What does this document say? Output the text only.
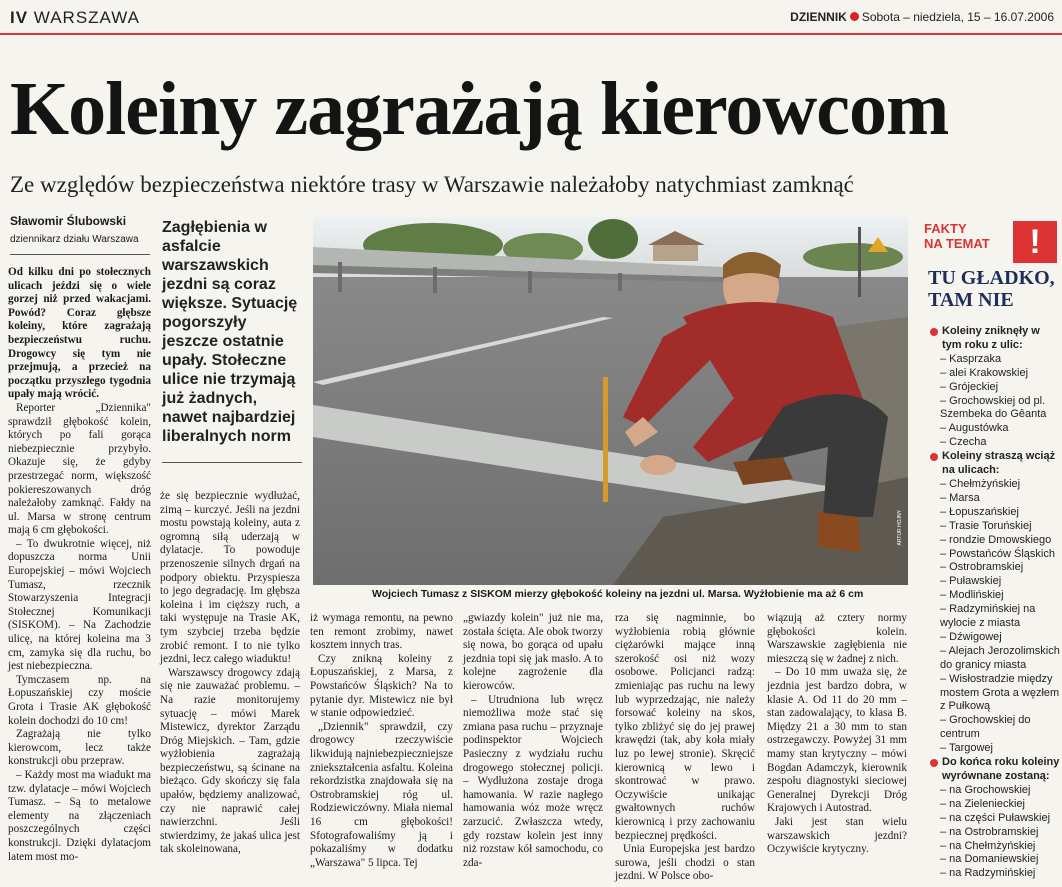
IV WARSZAWA	DZIENNIK Sobota – niedziela, 15 – 16.07.2006
Koleiny zagrażają kierowcom
Ze względów bezpieczeństwa niektóre trasy w Warszawie należałoby natychmiast zamknąć
Sławomir Ślubowski
dziennikarz działu Warszawa

Od kilku dni po stołecznych ulicach jeździ się o wiele gorzej niż przed wakacjami. Powód? Coraz głębsze koleiny, które zagrażają bezpieczeństwu ruchu. Drogowcy się tym nie przejmują, a przecież na początku przyszłego tygodnia upały mają wrócić.

Reporter „Dziennika" sprawdził głębokość kolein, których po fali gorąca niebezpiecznie przybyło. Okazuje się, że gdyby przestrzegać norm, większość pokiereszowanych dróg należałoby zamknąć. Fałdy na ul. Marsa w stronę centrum mają 6 cm głębokości.

– To dwukrotnie więcej, niż dopuszcza norma Unii Europejskiej – mówi Wojciech Tumasz, rzecznik Stowarzyszenia Integracji Stołecznej Komunikacji (SISKOM). – Na Zachodzie ulicę, na której koleina ma 3 cm, zamyka się dla ruchu, bo jest niebezpieczna.

Tymczasem np. na Łopuszańskiej czy moście Grota i Trasie AK głębokość kolein dochodzi do 10 cm!

Zagrażają nie tylko kierowcom, lecz także konstrukcji obu przepraw.

– Każdy most ma wiadukt ma tzw. dylatacje – mówi Wojciech Tumasz. – Są to metalowe elementy na złączeniach poszczególnych części konstrukcji. Dzięki dylatacjom latem most mo-

Zagłębienia w asfalcie warszawskich jezdni są coraz większe. Sytuację pogorszyły jeszcze ostatnie upały. Stołeczne ulice nie trzymają już żadnych, nawet najbardziej liberalnych norm

że się bezpiecznie wydłużać, zimą – kurczyć. Jeśli na jezdni mostu powstają koleiny, auta z ogromną siłą uderzają w dylatacje. To powoduje przenoszenie silnych drgań na podpory obiektu. Przyspiesza to jego degradację. Im głębsza koleina i im cięższy ruch, a taki występuje na Trasie AK, tym szybciej trzeba będzie zrobić remont. I to nie tylko jezdni, lecz całego wiaduktu!

Warszawscy drogowcy zdają się nie zauważać problemu. – Na razie monitorujemy sytuację – mówi Marek Mistewicz, dyrektor Zarządu Dróg Miejskich. – Tam, gdzie wyżłobienia zagrażają bezpieczeństwu, są ścinane na bieżąco. Gdy skończy się fala upałów, będziemy analizować, czy nie naprawić całej nawierzchni. Jeśli stwierdzimy, że jakaś ulica jest tak skoleinowana,

ARTUR HOJNY
Wojciech Tumasz z SISKOM mierzy głębokość koleiny na jezdni ul. Marsa. Wyżłobienie ma aż 6 cm

iż wymaga remontu, na pewno ten remont zrobimy, nawet kosztem innych tras.

Czy znikną koleiny z Łopuszańskiej, z Marsa, z Powstańców Śląskich? Na to pytanie dyr. Mistewicz nie był w stanie odpowiedzieć.

„Dziennik" sprawdził, czy drogowcy rzeczywiście likwidują najniebezpieczniejsze zniekształcenia asfaltu. Koleina rekordzistka znajdowała się na Ostrobramskiej róg ul. Rodziewiczówny. Miała niemal 16 cm głębokości! Sfotografowaliśmy ją i pokazaliśmy w dodatku „Warszawa" 5 lipca. Tej

„gwiazdy kolein" już nie ma, została ścięta. Ale obok tworzy się nowa, bo gorąca od upału jezdnia topi się jak masło. A to kolejne zagrożenie dla kierowców.

– Utrudniona lub wręcz niemożliwa może stać się zmiana pasa ruchu – przyznaje podinspektor Wojciech Pasieczny z wydziału ruchu drogowego stołecznej policji. – Wydłużona zostaje droga hamowania. W razie nagłego hamowania wóz może wręcz zarzucić. Zwłaszcza wtedy, gdy rozstaw kolein jest inny niż rozstaw kół samochodu, co zda-

rza się nagminnie, bo wyżłobienia robią głównie ciężarówki mające inną szerokość osi niż wozy osobowe. Policjanci radzą: zmieniając pas ruchu na lewy lub wyprzedzając, nie należy forsować koleiny na skos, tylko zbliżyć się do jej prawej krawędzi (tak, aby koła miały luz po lewej stronie). Skręcić kierownicą w lewo i skontrować w prawo. Oczywiście unikając gwałtownych ruchów kierownicą i przy zachowaniu bezpiecznej prędkości.

Unia Europejska jest bardzo surowa, jeśli chodzi o stan jezdni. W Polsce obo-

wiązują aż cztery normy głębokości kolein. Warszawskie zagłębienia nie mieszczą się w żadnej z nich.

– Do 10 mm uważa się, że jezdnia jest bardzo dobra, w klasie A. Od 11 do 20 mm – stan zadowalający, to klasa B. Między 21 a 30 mm to stan ostrzegawczy. Powyżej 31 mm mamy stan krytyczny – mówi Bogdan Adamczyk, kierownik zespołu diagnostyki sieciowej Generalnej Dyrekcji Dróg Krajowych i Autostrad.

Jaki jest stan wielu warszawskich jezdni? Oczywiście krytyczny.

FAKTY
NA TEMAT	!
TU GŁADKO,
TAM NIE
Koleiny zniknęły w tym roku z ulic:
– Kasprzaka
– alei Krakowskiej
– Grójeckiej
– Grochowskiej od pl. Szembeka do Gêanta
– Augustówka
– Czecha
Koleiny straszą wciąż na ulicach:
– Chełmżyńskiej
– Marsa
– Łopuszańskiej
– Trasie Toruńskiej
– rondzie Dmowskiego
– Powstańców Śląskich
– Ostrobramskiej
– Puławskiej
– Modlińskiej
– Radzymińskiej na wylocie z miasta
– Dźwigowej
– Alejach Jerozolimskich do granicy miasta
– Wisłostradzie między mostem Grota a węzłem z Pułkową
– Grochowskiej do centrum
– Targowej
Do końca roku koleiny wyrównane zostaną:
– na Grochowskiej
– na Zielenieckiej
– na części Puławskiej
– na Ostrobramskiej
– na Chełmżyńskiej
– na Domaniewskiej
– na Radzymińskiej
